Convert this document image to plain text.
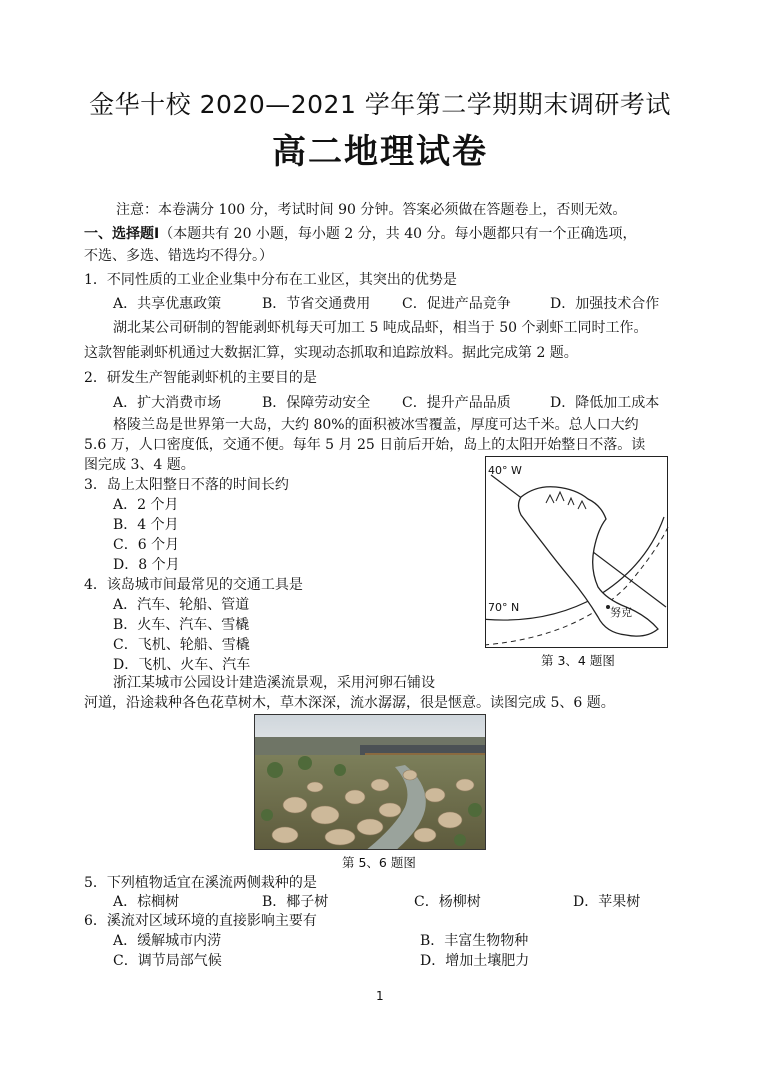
金华十校 2020—2021 学年第二学期期末调研考试
高二地理试卷
注意：本卷满分 100 分，考试时间 90 分钟。答案必须做在答题卷上，否则无效。
一、选择题Ⅰ（本题共有 20 小题，每小题 2 分，共 40 分。每小题都只有一个正确选项，
不选、多选、错选均不得分。）
1．不同性质的工业企业集中分布在工业区，其突出的优势是
A．共享优惠政策	B．节省交通费用 C．促进产品竞争	D．加强技术合作
湖北某公司研制的智能剥虾机每天可加工 5 吨成品虾，相当于 50 个剥虾工同时工作。
这款智能剥虾机通过大数据汇算，实现动态抓取和追踪放料。据此完成第 2 题。
2．研发生产智能剥虾机的主要目的是
A．扩大消费市场	B．保障劳动安全 C．提升产品品质	D．降低加工成本
格陵兰岛是世界第一大岛，大约 80%的面积被冰雪覆盖，厚度可达千米。总人口大约
5.6 万，人口密度低，交通不便。每年 5 月 25 日前后开始，岛上的太阳开始整日不落。读
图完成 3、4 题。
3．岛上太阳整日不落的时间长约
A．2 个月
B．4 个月
C．6 个月
D．8 个月
4．该岛城市间最常见的交通工具是
A．汽车、轮船、管道
B．火车、汽车、雪橇
C．飞机、轮船、雪橇
D．飞机、火车、汽车
40° W
70° N	努克
第 3、4 题图
浙江某城市公园设计建造溪流景观，采用河卵石铺设
河道，沿途栽种各色花草树木，草木深深，流水潺潺，很是惬意。读图完成 5、6 题。
第 5、6 题图
5．下列植物适宜在溪流两侧栽种的是
A．棕榈树	B．椰子树	C．杨柳树	D．苹果树
6．溪流对区域环境的直接影响主要有
A．缓解城市内涝	B．丰富生物物种
C．调节局部气候	D．增加土壤肥力
1
